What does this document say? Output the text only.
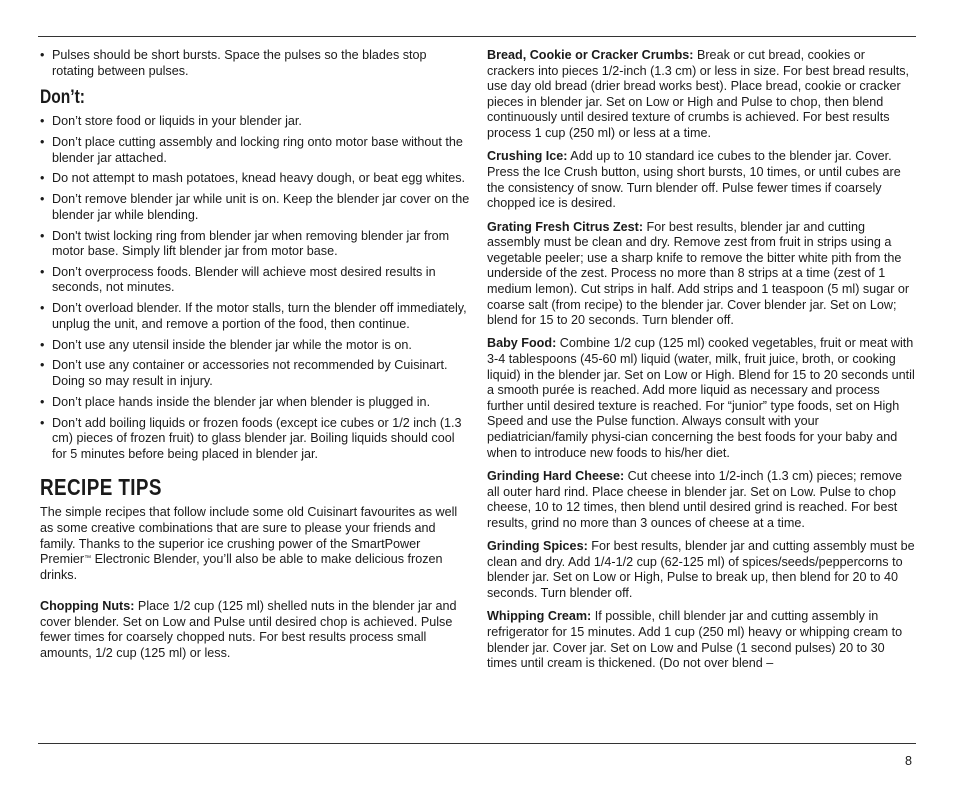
• Pulses should be short bursts. Space the pulses so the blades stop rotating between pulses.
Don’t:
• Don’t store food or liquids in your blender jar.
• Don’t place cutting assembly and locking ring onto motor base without the blender jar attached.
• Do not attempt to mash potatoes, knead heavy dough, or beat egg whites.
• Don’t remove blender jar while unit is on. Keep the blender jar cover on the blender jar while blending.
• Don't twist locking ring from blender jar when removing blender jar from motor base. Simply lift blender jar from motor base.
• Don’t overprocess foods. Blender will achieve most desired results in seconds, not minutes.
• Don’t overload blender. If the motor stalls, turn the blender off immediately, unplug the unit, and remove a portion of the food, then continue.
• Don’t use any utensil inside the blender jar while the motor is on.
• Don’t use any container or accessories not recommended by Cuisinart. Doing so may result in injury.
• Don’t place hands inside the blender jar when blender is plugged in.
• Don’t add boiling liquids or frozen foods (except ice cubes or 1/2 inch (1.3 cm) pieces of frozen fruit) to glass blender jar. Boiling liquids should cool for 5 minutes before being placed in blender jar.
RECIPE TIPS

The simple recipes that follow include some old Cuisinart favourites as well as some creative combinations that are sure to please your friends and family. Thanks to the superior ice crushing power of the SmartPower Premier™ Electronic Blender, you’ll also be able to make delicious frozen drinks.

Chopping Nuts: Place 1/2 cup (125 ml) shelled nuts in the blender jar and cover blender. Set on Low and Pulse until desired chop is achieved. Pulse fewer times for coarsely chopped nuts. For best results process small amounts, 1/2 cup (125 ml) or less.

Bread, Cookie or Cracker Crumbs: Break or cut bread, cookies or crackers into pieces 1/2-inch (1.3 cm) or less in size. For best bread results, use day old bread (drier bread works best). Place bread, cookie or cracker pieces in blender jar. Set on Low or High and Pulse to chop, then blend continuously until desired texture of crumbs is achieved. For best results process 1 cup (250 ml) or less at a time.

Crushing Ice: Add up to 10 standard ice cubes to the blender jar. Cover. Press the Ice Crush button, using short bursts, 10 times, or until cubes are the consistency of snow. Turn blender off. Pulse fewer times if coarsely chopped ice is desired.

Grating Fresh Citrus Zest: For best results, blender jar and cutting assembly must be clean and dry. Remove zest from fruit in strips using a vegetable peeler; use a sharp knife to remove the bitter white pith from the underside of the zest. Process no more than 8 strips at a time (zest of 1 medium lemon). Cut strips in half. Add strips and 1 teaspoon (5 ml) sugar or coarse salt (from recipe) to the blender jar. Cover blender jar. Set on Low; blend for 15 to 20 seconds. Turn blender off.

Baby Food: Combine 1/2 cup (125 ml) cooked vegetables, fruit or meat with 3-4 tablespoons (45-60 ml) liquid (water, milk, fruit juice, broth, or cooking liquid) in the blender jar. Set on Low or High. Blend for 15 to 20 seconds until a smooth purée is reached. Add more liquid as necessary and process further until desired texture is reached. For “junior” type foods, set on High Speed and use the Pulse function. Always consult with your pediatrician/family physi-cian concerning the best foods for your baby and when to introduce new foods to his/her diet.

Grinding Hard Cheese: Cut cheese into 1/2-inch (1.3 cm) pieces; remove all outer hard rind. Place cheese in blender jar. Set on Low. Pulse to chop cheese, 10 to 12 times, then blend until desired grind is reached. For best results, grind no more than 3 ounces of cheese at a time.

Grinding Spices: For best results, blender jar and cutting assembly must be clean and dry. Add 1/4-1/2 cup (62-125 ml) of spices/seeds/peppercorns to blender jar. Set on Low or High, Pulse to break up, then blend for 20 to 40 seconds. Turn blender off.

Whipping Cream: If possible, chill blender jar and cutting assembly in refrigerator for 15 minutes. Add 1 cup (250 ml) heavy or whipping cream to blender jar. Cover jar. Set on Low and Pulse (1 second pulses) 20 to 30 times until cream is thickened. (Do not over blend –

8
